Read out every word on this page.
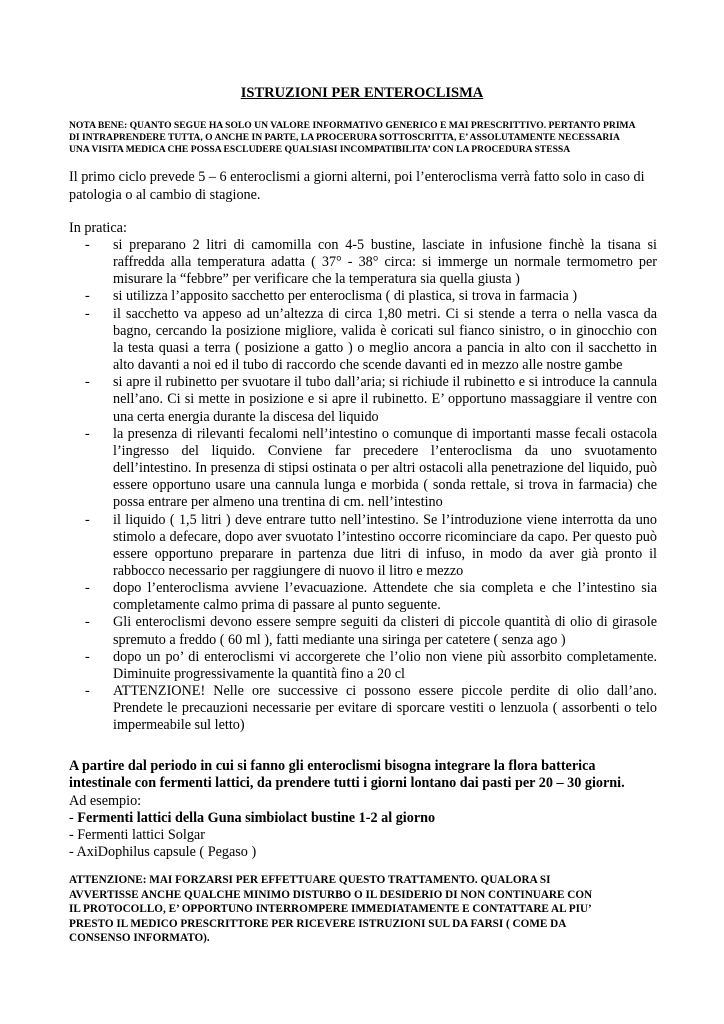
ISTRUZIONI PER ENTEROCLISMA
NOTA BENE: QUANTO SEGUE HA SOLO UN VALORE INFORMATIVO GENERICO E MAI PRESCRITTIVO. PERTANTO PRIMA
DI INTRAPRENDERE TUTTA, O ANCHE IN PARTE, LA PROCERURA SOTTOSCRITTA, E’ ASSOLUTAMENTE NECESSARIA
UNA VISITA MEDICA CHE POSSA ESCLUDERE QUALSIASI INCOMPATIBILITA’ CON LA PROCEDURA STESSA
Il primo ciclo prevede 5 – 6 enteroclismi a giorni alterni, poi l’enteroclisma verrà fatto solo in caso di patologia o al cambio di stagione.
In pratica:
- si preparano 2 litri di camomilla con 4-5 bustine, lasciate in infusione finchè la tisana si raffredda alla temperatura adatta ( 37° - 38° circa: si immerge un normale termometro per misurare la “febbre” per verificare che la temperatura sia quella giusta )
- si utilizza l’apposito sacchetto per enteroclisma ( di plastica, si trova in farmacia )
- il sacchetto va appeso ad un’altezza di circa 1,80 metri. Ci si stende a terra o nella vasca da bagno, cercando la posizione migliore, valida è coricati sul fianco sinistro, o in ginocchio con la testa quasi a terra ( posizione a gatto ) o meglio ancora a pancia in alto con il sacchetto in alto davanti a noi ed il tubo di raccordo che scende davanti ed in mezzo alle nostre gambe
- si apre il rubinetto per svuotare il tubo dall’aria; si richiude il rubinetto e si introduce la cannula nell’ano. Ci si mette in posizione e si apre il rubinetto. E’ opportuno massaggiare il ventre con una certa energia durante la discesa del liquido
- la presenza di rilevanti fecalomi nell’intestino o comunque di importanti masse fecali ostacola l’ingresso del liquido. Conviene far precedere l’enteroclisma da uno svuotamento dell’intestino. In presenza di stipsi ostinata o per altri ostacoli alla penetrazione del liquido, può essere opportuno usare una cannula lunga e morbida ( sonda rettale, si trova in farmacia) che possa entrare per almeno una trentina di cm. nell’intestino
- il liquido ( 1,5 litri ) deve entrare tutto nell’intestino. Se l’introduzione viene interrotta da uno stimolo a defecare, dopo aver svuotato l’intestino occorre ricominciare da capo. Per questo può essere opportuno preparare in partenza due litri di infuso, in modo da aver già pronto il rabbocco necessario per raggiungere di nuovo il litro e mezzo
- dopo l’enteroclisma avviene l’evacuazione. Attendete che sia completa e che l’intestino sia completamente calmo prima di passare al punto seguente.
- Gli enteroclismi devono essere sempre seguiti da clisteri di piccole quantità di olio di girasole spremuto a freddo ( 60 ml ), fatti mediante una siringa per catetere ( senza ago )
- dopo un po’ di enteroclismi vi accorgerete che l’olio non viene più assorbito completamente. Diminuite progressivamente la quantità fino a 20 cl
- ATTENZIONE! Nelle ore successive ci possono essere piccole perdite di olio dall’ano. Prendete le precauzioni necessarie per evitare di sporcare vestiti o lenzuola ( assorbenti o telo impermeabile sul letto)
A partire dal periodo in cui si fanno gli enteroclismi bisogna integrare la flora batterica
intestinale con fermenti lattici, da prendere tutti i giorni lontano dai pasti per 20 – 30 giorni.
Ad esempio:
- Fermenti lattici della Guna simbiolact bustine 1-2 al giorno
- Fermenti lattici Solgar
- AxiDophilus capsule ( Pegaso )
ATTENZIONE: MAI FORZARSI PER EFFETTUARE QUESTO TRATTAMENTO. QUALORA SI
AVVERTISSE ANCHE QUALCHE MINIMO DISTURBO O IL DESIDERIO DI NON CONTINUARE CON
IL PROTOCOLLO, E’ OPPORTUNO INTERROMPERE IMMEDIATAMENTE E CONTATTARE AL PIU’
PRESTO IL MEDICO PRESCRITTORE PER RICEVERE ISTRUZIONI SUL DA FARSI ( COME DA
CONSENSO INFORMATO).
